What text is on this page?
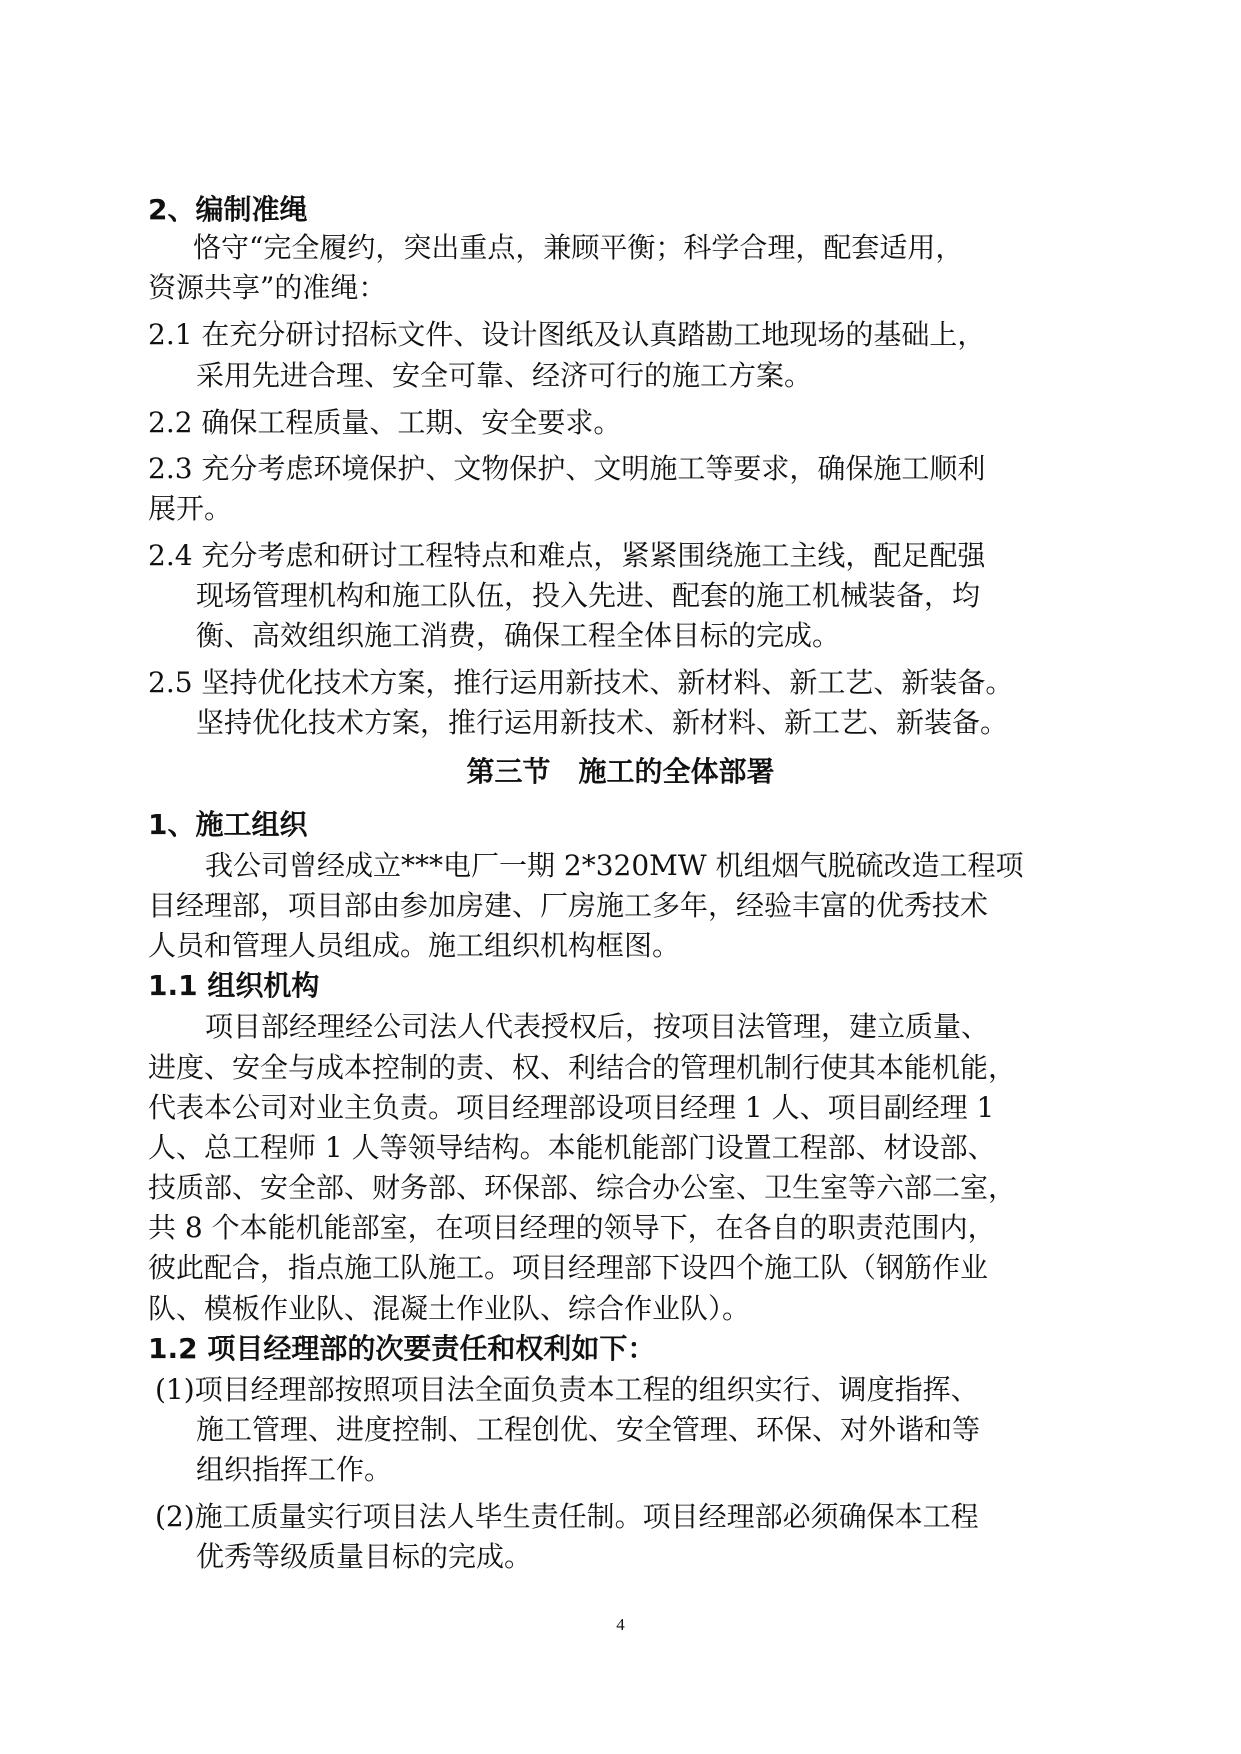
2、编制准绳
恪守“完全履约，突出重点，兼顾平衡；科学合理，配套适用，
资源共享”的准绳：
2.1 在充分研讨招标文件、设计图纸及认真踏勘工地现场的基础上，
采用先进合理、安全可靠、经济可行的施工方案。
2.2 确保工程质量、工期、安全要求。
2.3 充分考虑环境保护、文物保护、文明施工等要求，确保施工顺利
展开。
2.4 充分考虑和研讨工程特点和难点，紧紧围绕施工主线，配足配强
现场管理机构和施工队伍，投入先进、配套的施工机械装备，均
衡、高效组织施工消费，确保工程全体目标的完成。
2.5 坚持优化技术方案，推行运用新技术、新材料、新工艺、新装备。
坚持优化技术方案，推行运用新技术、新材料、新工艺、新装备。
第三节　施工的全体部署
1、施工组织
我公司曾经成立***电厂一期 2*320MW 机组烟气脱硫改造工程项
目经理部，项目部由参加房建、厂房施工多年，经验丰富的优秀技术
人员和管理人员组成。施工组织机构框图。
1.1 组织机构
项目部经理经公司法人代表授权后，按项目法管理，建立质量、
进度、安全与成本控制的责、权、利结合的管理机制行使其本能机能，
代表本公司对业主负责。项目经理部设项目经理 1 人、项目副经理 1
人、总工程师 1 人等领导结构。本能机能部门设置工程部、材设部、
技质部、安全部、财务部、环保部、综合办公室、卫生室等六部二室，
共 8 个本能机能部室，在项目经理的领导下，在各自的职责范围内，
彼此配合，指点施工队施工。项目经理部下设四个施工队（钢筋作业
队、模板作业队、混凝土作业队、综合作业队）。
1.2 项目经理部的次要责任和权利如下：
(1)项目经理部按照项目法全面负责本工程的组织实行、调度指挥、
施工管理、进度控制、工程创优、安全管理、环保、对外谐和等
组织指挥工作。
(2)施工质量实行项目法人毕生责任制。项目经理部必须确保本工程
优秀等级质量目标的完成。
4
